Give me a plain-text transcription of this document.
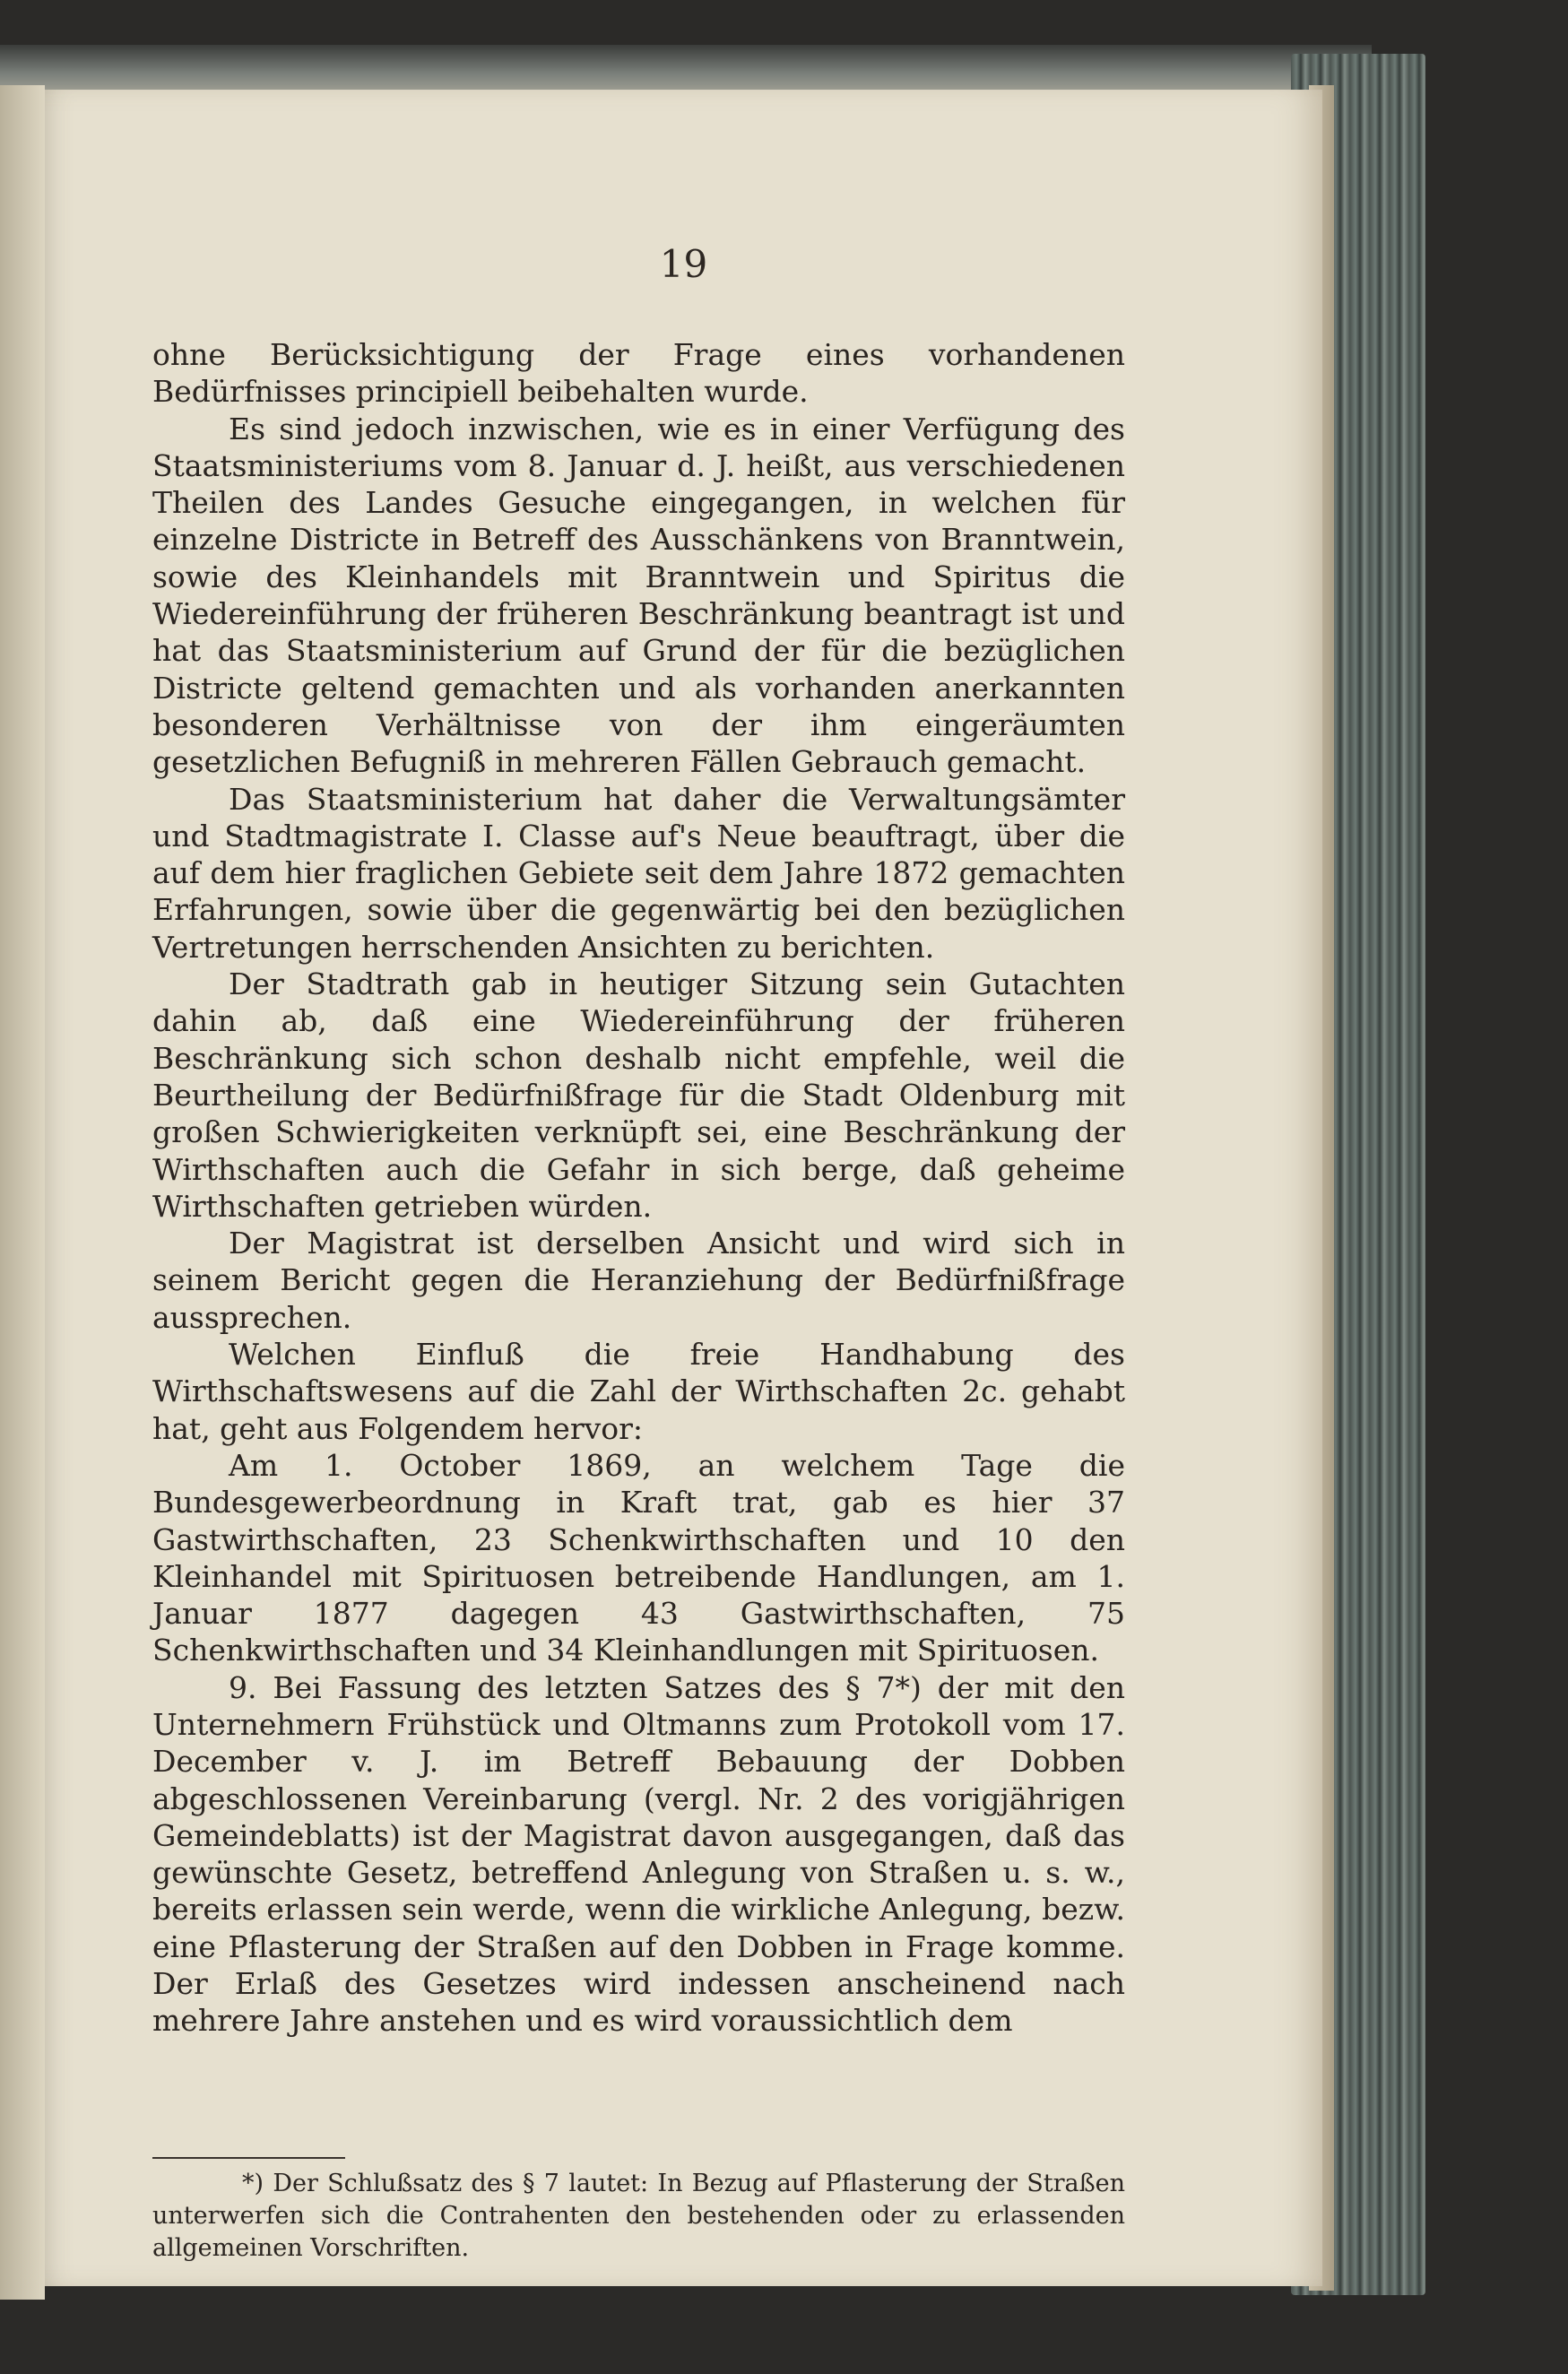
19

ohne Berücksichtigung der Frage eines vorhandenen Bedürfnisses principiell beibehalten wurde.

Es sind jedoch inzwischen, wie es in einer Verfügung des Staatsministeriums vom 8. Januar d. J. heißt, aus verschiedenen Theilen des Landes Gesuche eingegangen, in welchen für einzelne Districte in Betreff des Ausschänkens von Branntwein, sowie des Kleinhandels mit Branntwein und Spiritus die Wiedereinführung der früheren Beschränkung beantragt ist und hat das Staatsministerium auf Grund der für die bezüglichen Districte geltend gemachten und als vorhanden anerkannten besonderen Verhältnisse von der ihm eingeräumten gesetzlichen Befugniß in mehreren Fällen Gebrauch gemacht.

Das Staatsministerium hat daher die Verwaltungsämter und Stadtmagistrate I. Classe auf's Neue beauftragt, über die auf dem hier fraglichen Gebiete seit dem Jahre 1872 gemachten Erfahrungen, sowie über die gegenwärtig bei den bezüglichen Vertretungen herrschenden Ansichten zu berichten.

Der Stadtrath gab in heutiger Sitzung sein Gutachten dahin ab, daß eine Wiedereinführung der früheren Beschränkung sich schon deshalb nicht empfehle, weil die Beurtheilung der Bedürfnißfrage für die Stadt Oldenburg mit großen Schwierigkeiten verknüpft sei, eine Beschränkung der Wirthschaften auch die Gefahr in sich berge, daß geheime Wirthschaften getrieben würden.

Der Magistrat ist derselben Ansicht und wird sich in seinem Bericht gegen die Heranziehung der Bedürfnißfrage aussprechen.

Welchen Einfluß die freie Handhabung des Wirthschaftswesens auf die Zahl der Wirthschaften 2c. gehabt hat, geht aus Folgendem hervor:

Am 1. October 1869, an welchem Tage die Bundesgewerbeordnung in Kraft trat, gab es hier 37 Gastwirthschaften, 23 Schenkwirthschaften und 10 den Kleinhandel mit Spirituosen betreibende Handlungen, am 1. Januar 1877 dagegen 43 Gastwirthschaften, 75 Schenkwirthschaften und 34 Kleinhandlungen mit Spirituosen.

9. Bei Fassung des letzten Satzes des § 7*) der mit den Unternehmern Frühstück und Oltmanns zum Protokoll vom 17. December v. J. im Betreff Bebauung der Dobben abgeschlossenen Vereinbarung (vergl. Nr. 2 des vorigjährigen Gemeindeblatts) ist der Magistrat davon ausgegangen, daß das gewünschte Gesetz, betreffend Anlegung von Straßen u. s. w., bereits erlassen sein werde, wenn die wirkliche Anlegung, bezw. eine Pflasterung der Straßen auf den Dobben in Frage komme. Der Erlaß des Gesetzes wird indessen anscheinend nach mehrere Jahre anstehen und es wird voraussichtlich dem

*) Der Schlußsatz des § 7 lautet: In Bezug auf Pflasterung der Straßen unterwerfen sich die Contrahenten den bestehenden oder zu erlassenden allgemeinen Vorschriften.
